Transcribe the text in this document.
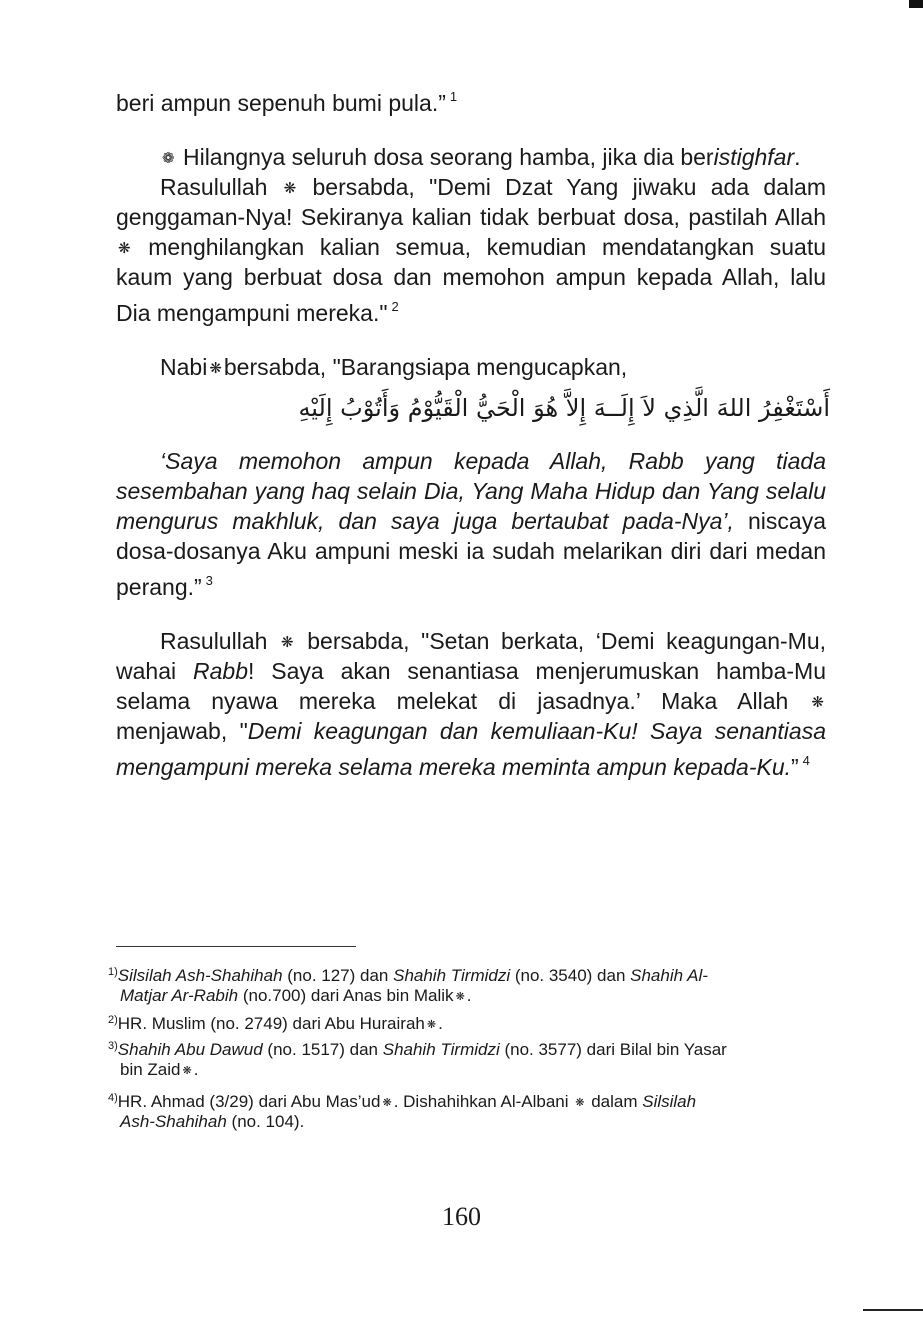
beri ampun sepenuh bumi pula.” $^1$
❁ Hilangnya seluruh dosa seorang hamba, jika dia beristighfar.
Rasulullah ❋ bersabda, "Demi Dzat Yang jiwaku ada dalam
genggaman-Nya! Sekiranya kalian tidak berbuat dosa, pastilah Allah
❋ menghilangkan kalian semua, kemudian mendatangkan suatu
kaum yang berbuat dosa dan memohon ampun kepada Allah, lalu
Dia mengampuni mereka." $^2$
Nabi ❋bersabda, "Barangsiapa mengucapkan,
أَسْتَغْفِرُ اللهَ الَّذِي لاَ إِلَــهَ إِلاَّ هُوَ الْحَيُّ الْقَيُّوْمُ وَأَتُوْبُ إِلَيْهِ
‘Saya memohon ampun kepada Allah, Rabb yang tiada
sesembahan yang haq selain Dia, Yang Maha Hidup dan Yang selalu
mengurus makhluk, dan saya juga bertaubat pada-Nya’, niscaya
dosa-dosanya Aku ampuni meski ia sudah melarikan diri dari medan
perang.” $^3$
Rasulullah ❋ bersabda, "Setan berkata, ‘Demi keagungan-Mu,
wahai Rabb! Saya akan senantiasa menjerumuskan hamba-Mu
selama nyawa mereka melekat di jasadnya.’ Maka Allah ❋
menjawab, "Demi keagungan dan kemuliaan-Ku! Saya senantiasa
mengampuni mereka selama mereka meminta ampun kepada-Ku.” $^4$
$^{1)}$Silsilah Ash-Shahihah (no. 127) dan Shahih Tirmidzi (no. 3540) dan Shahih Al-
Matjar Ar-Rabih (no.700) dari Anas bin Malik ❋ .
$^{2)}$HR. Muslim (no. 2749) dari Abu Hurairah ❋ .
$^{3)}$Shahih Abu Dawud (no. 1517) dan Shahih Tirmidzi (no. 3577) dari Bilal bin Yasar
bin Zaid ❋ .
$^{4)}$HR. Ahmad (3/29) dari Abu Mas’ud ❋ . Dishahihkan Al-Albani ❋ dalam Silsilah
Ash-Shahihah (no. 104).
160
